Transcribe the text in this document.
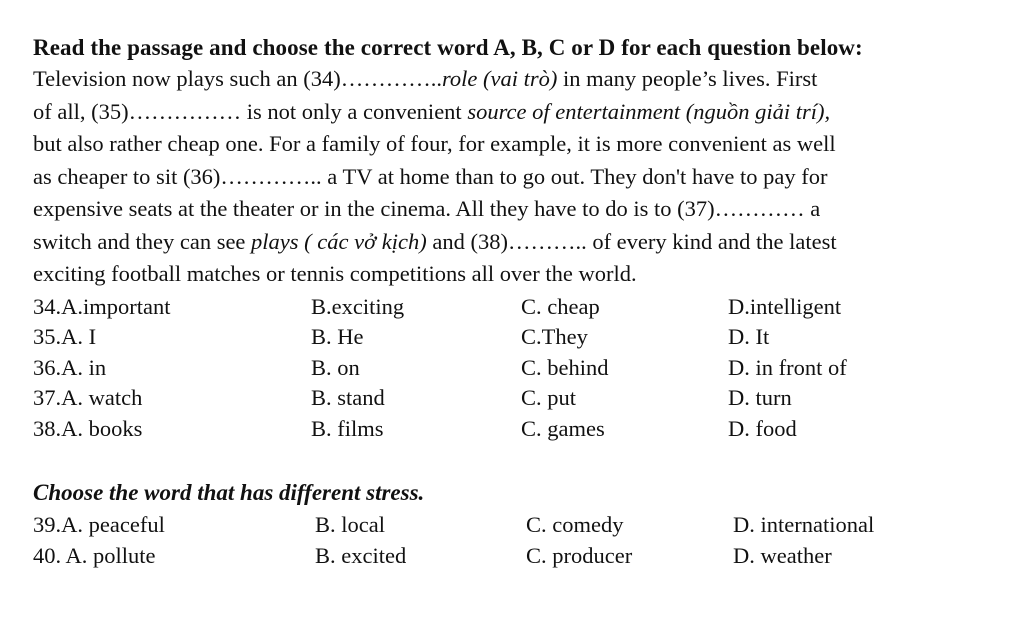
Read the passage and choose the correct word A, B, C or D for each question below:
Television now plays such an (34)…………..role (vai trò) in many people’s lives. First
of all, (35)…………… is not only a convenient source of entertainment (nguồn giải trí),
but also rather cheap one. For a family of four, for example, it is more convenient as well
as cheaper to sit (36)………….. a TV at home than to go out. They don't have to pay for
expensive seats at the theater or in the cinema. All they have to do is to (37)………… a
switch and they can see plays ( các vở kịch) and (38)……….. of every kind and the latest
exciting football matches or tennis competitions all over the world.
34.A.important	B.exciting	C. cheap	D.intelligent
35.A. I	B. He	C.They	D. It
36.A. in	B. on	C. behind	D. in front of
37.A. watch	B. stand	C. put	D. turn
38.A. books	B. films	C. games	D. food
Choose the word that has different stress.
39.A. peaceful	B. local	C. comedy	D. international
40. A. pollute	B. excited	C. producer	D. weather
